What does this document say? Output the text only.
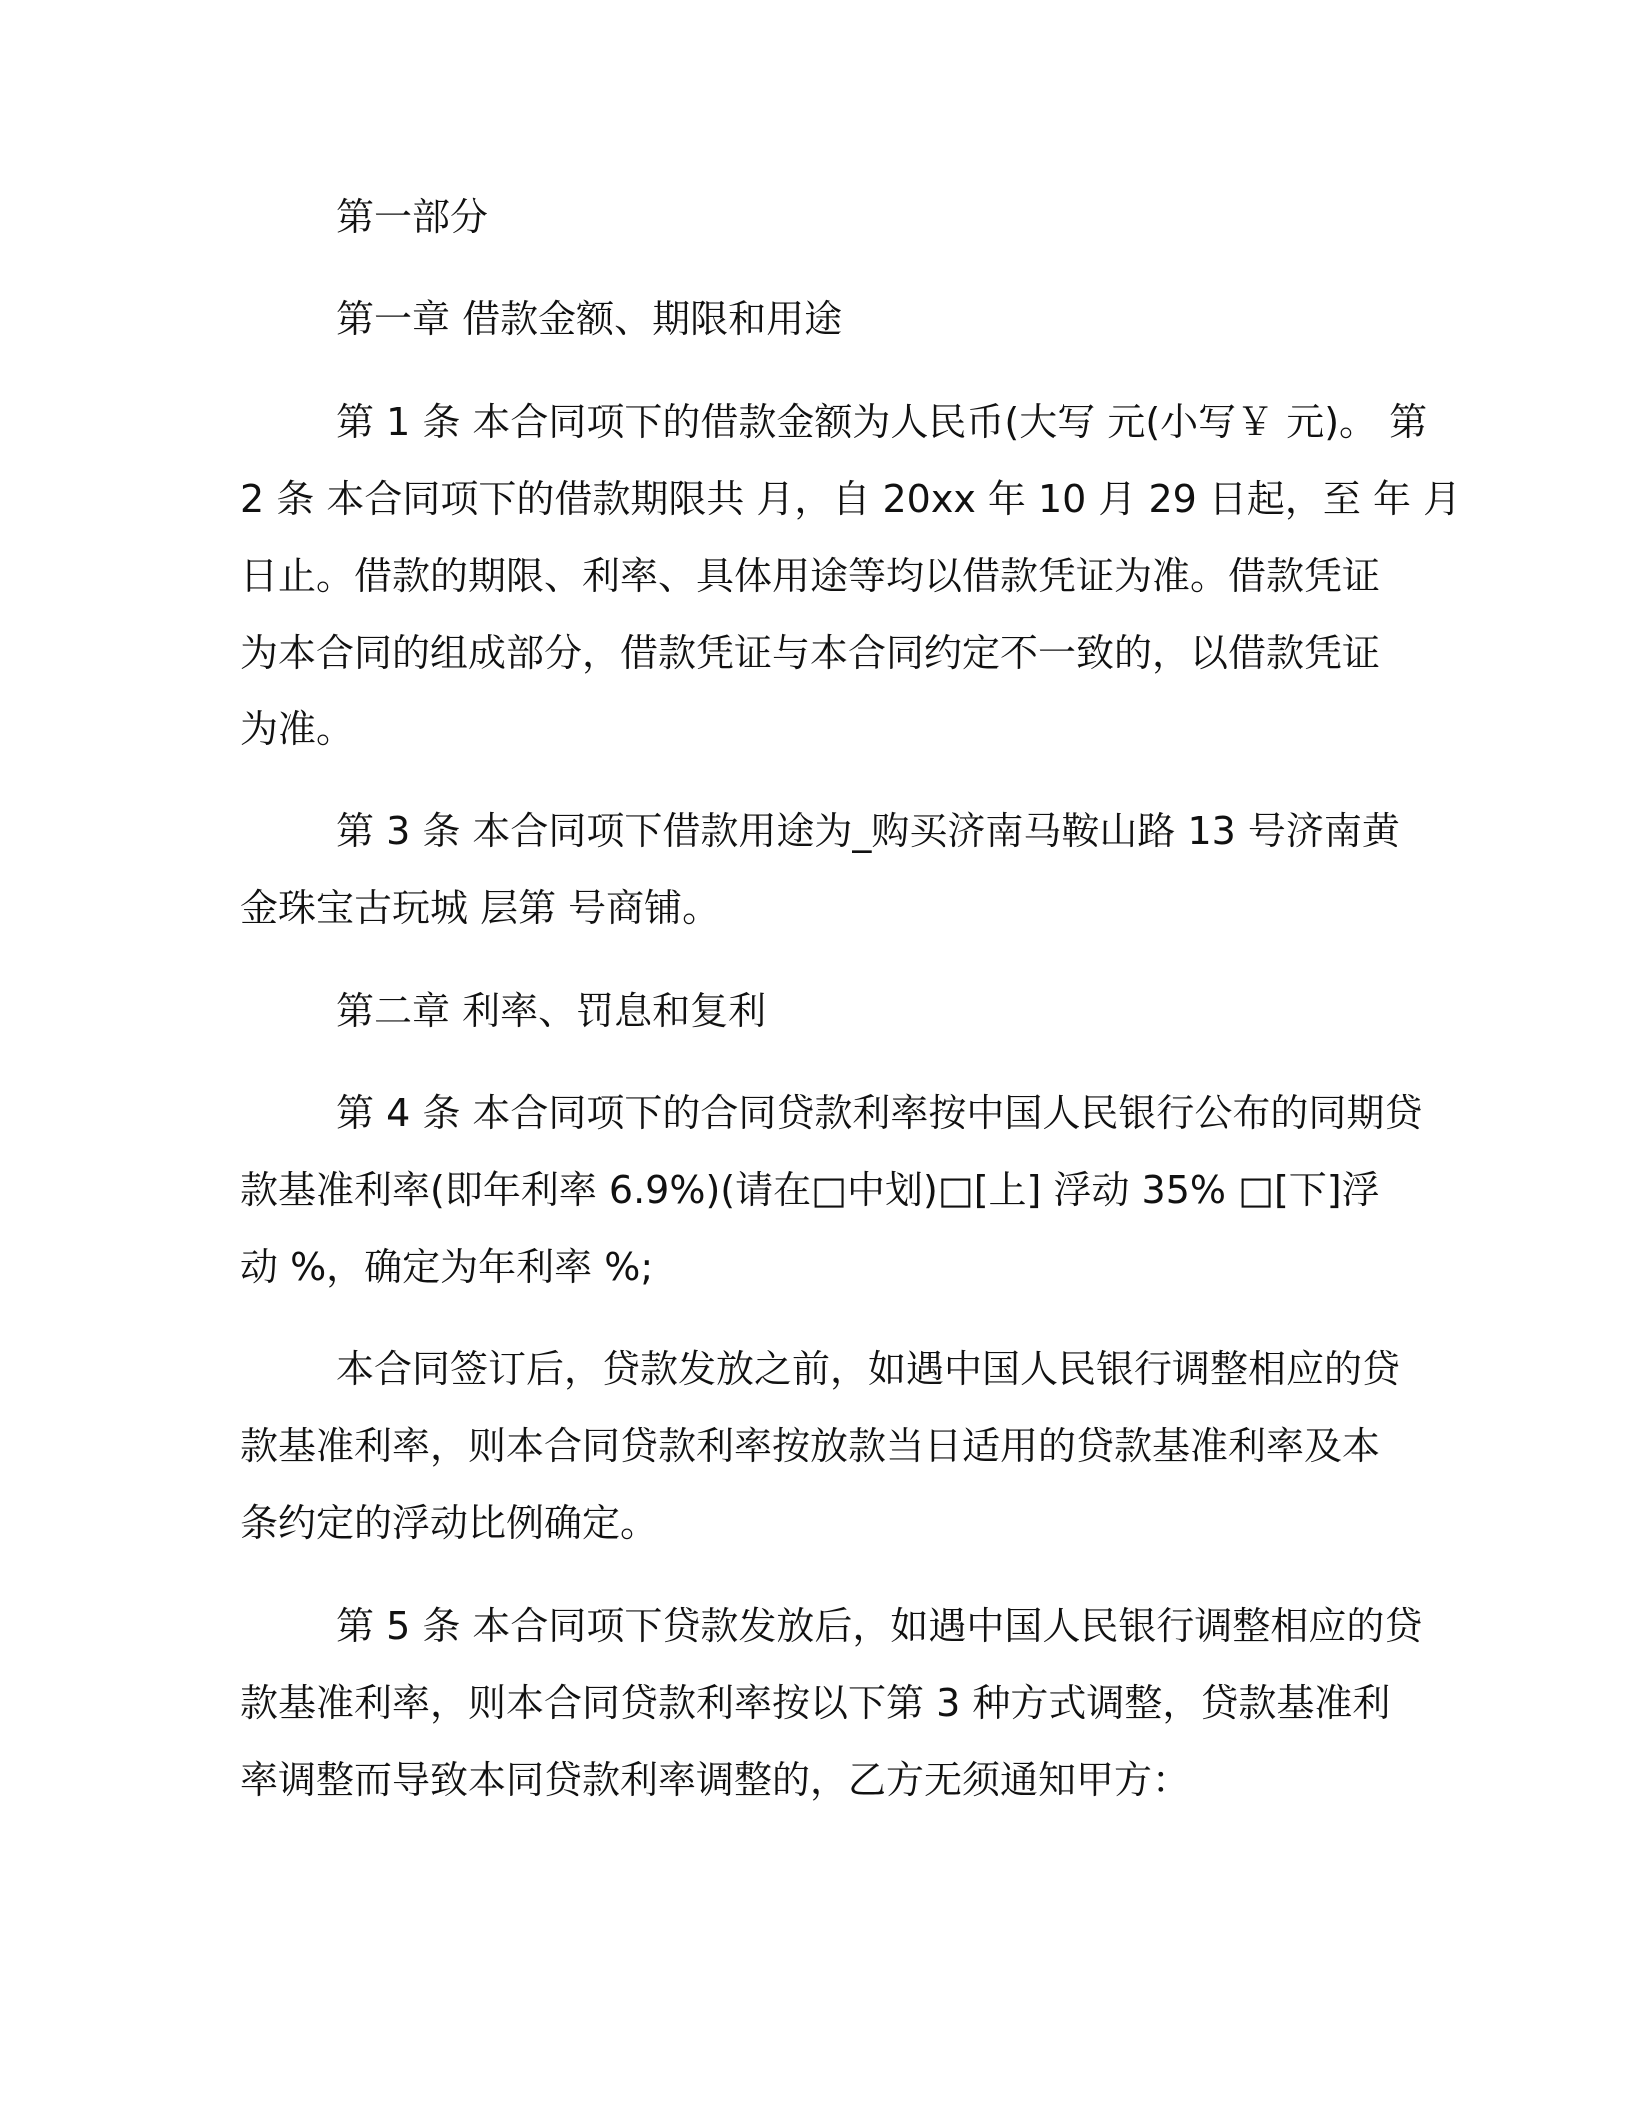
第一部分

第一章 借款金额、期限和用途

第 1 条 本合同项下的借款金额为人民币(大写 元(小写￥ 元)。 第

2 条 本合同项下的借款期限共 月，自 20xx 年 10 月 29 日起，至 年 月

日止。借款的期限、利率、具体用途等均以借款凭证为准。借款凭证

为本合同的组成部分，借款凭证与本合同约定不一致的，以借款凭证

为准。

第 3 条 本合同项下借款用途为_购买济南马鞍山路 13 号济南黄

金珠宝古玩城 层第 号商铺。

第二章 利率、罚息和复利

第 4 条 本合同项下的合同贷款利率按中国人民银行公布的同期贷

款基准利率(即年利率 6.9%)(请在□中划)□[上] 浮动 35% □[下]浮

动 %，确定为年利率 %;

本合同签订后，贷款发放之前，如遇中国人民银行调整相应的贷

款基准利率，则本合同贷款利率按放款当日适用的贷款基准利率及本

条约定的浮动比例确定。

第 5 条 本合同项下贷款发放后，如遇中国人民银行调整相应的贷

款基准利率，则本合同贷款利率按以下第 3 种方式调整，贷款基准利

率调整而导致本同贷款利率调整的，乙方无须通知甲方：
